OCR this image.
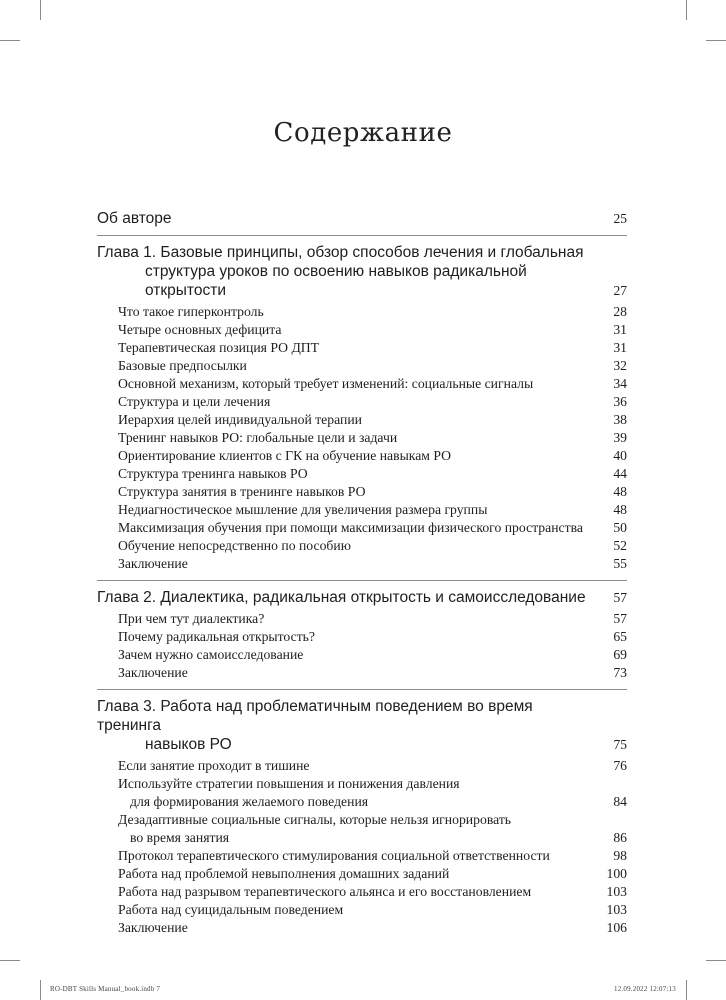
Содержание
Об авторе	25
Глава 1. Базовые принципы, обзор способов лечения и глобальная
структура уроков по освоению навыков радикальной
открытости	27
Что такое гиперконтроль	28
Четыре основных дефицита	31
Терапевтическая позиция РО ДПТ	31
Базовые предпосылки	32
Основной механизм, который требует изменений: социальные сигналы	34
Структура и цели лечения	36
Иерархия целей индивидуальной терапии	38
Тренинг навыков РО: глобальные цели и задачи	39
Ориентирование клиентов с ГК на обучение навыкам РО	40
Структура тренинга навыков РО	44
Структура занятия в тренинге навыков РО	48
Недиагностическое мышление для увеличения размера группы	48
Максимизация обучения при помощи максимизации физического пространства	50
Обучение непосредственно по пособию	52
Заключение	55
Глава 2. Диалектика, радикальная открытость и самоисследование 57
При чем тут диалектика?	57
Почему радикальная открытость?	65
Зачем нужно самоисследование	69
Заключение	73
Глава 3. Работа над проблематичным поведением во время тренинга
навыков РО	75
Если занятие проходит в тишине	76
Используйте стратегии повышения и понижения давления
для формирования желаемого поведения	84
Дезадаптивные социальные сигналы, которые нельзя игнорировать
во время занятия	86
Протокол терапевтического стимулирования социальной ответственности	98
Работа над проблемой невыполнения домашних заданий	100
Работа над разрывом терапевтического альянса и его восстановлением	103
Работа над суицидальным поведением	103
Заключение	106
RO-DBT Skills Manual_book.indb 7	12.09.2022 12:07:13
